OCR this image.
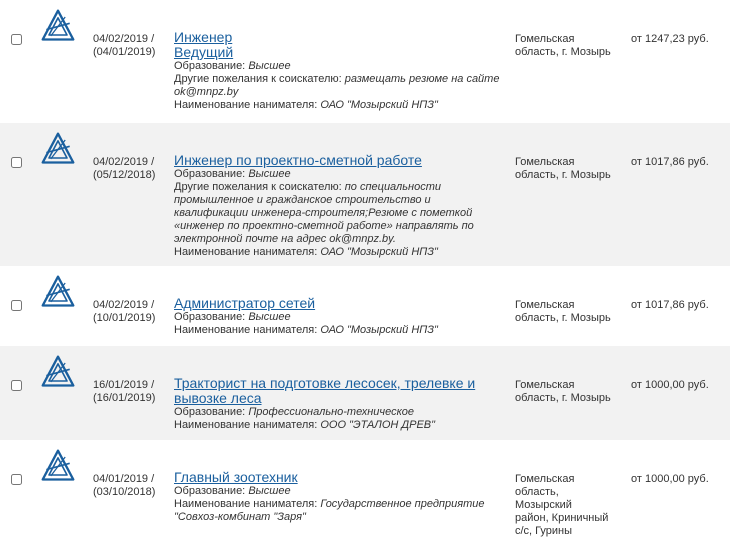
04/02/2019 /
(04/01/2019)
Инженер
Ведущий
Образование: Высшее
Другие пожелания к соискателю: размещать резюме на сайте ok@mnpz.by
Наименование нанимателя: ОАО "Мозырский НПЗ"
Гомельская
область, г. Мозырь
от 1247,23 руб.
04/02/2019 /
(05/12/2018)
Инженер по проектно-сметной работе
Образование: Высшее
Другие пожелания к соискателю: по специальности промышленное и гражданское строительство и квалификации инженера-строителя;Резюме с пометкой «инженер по проектно-сметной работе» направлять по электронной почте на адрес ok@mnpz.by.
Наименование нанимателя: ОАО "Мозырский НПЗ"
Гомельская
область, г. Мозырь
от 1017,86 руб.
04/02/2019 /
(10/01/2019)
Администратор сетей
Образование: Высшее
Наименование нанимателя: ОАО "Мозырский НПЗ"
Гомельская
область, г. Мозырь
от 1017,86 руб.
16/01/2019 /
(16/01/2019)
Тракторист на подготовке лесосек, трелевке и
вывозке леса
Образование: Профессионально-техническое
Наименование нанимателя: ООО "ЭТАЛОН ДРЕВ"
Гомельская
область, г. Мозырь
от 1000,00 руб.
04/01/2019 /
(03/10/2018)
Главный зоотехник
Образование: Высшее
Наименование нанимателя: Государственное предприятие "Совхоз-комбинат "Заря"
Гомельская
область, Мозырский
район, Криничный
с/с, Гурины
от 1000,00 руб.
